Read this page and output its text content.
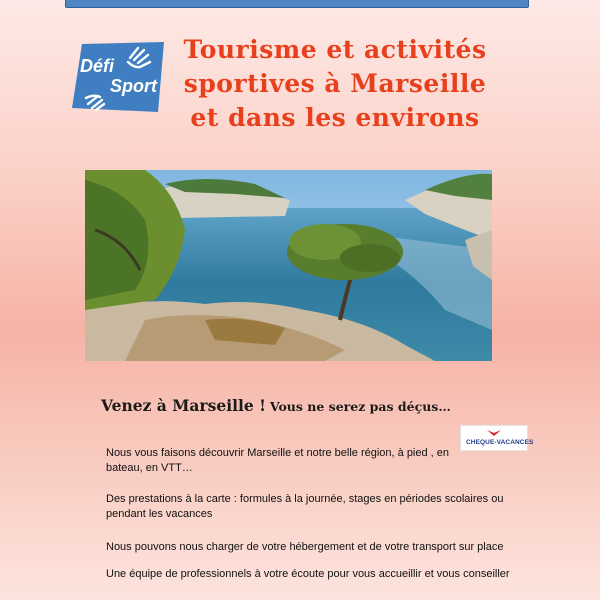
Défi
Sport
Tourisme et activités
sportives à Marseille
et dans les environs
Venez à Marseille ! Vous ne serez pas déçus…
CHEQUE-VACANCES
Nous vous faisons découvrir Marseille et notre belle région, à pied , en bateau, en VTT…
Des prestations à la carte : formules à la journée, stages en périodes scolaires ou pendant les vacances
Nous pouvons nous charger de votre hébergement et de votre transport sur place
Une équipe de professionnels à votre écoute pour vous accueillir et vous conseiller
